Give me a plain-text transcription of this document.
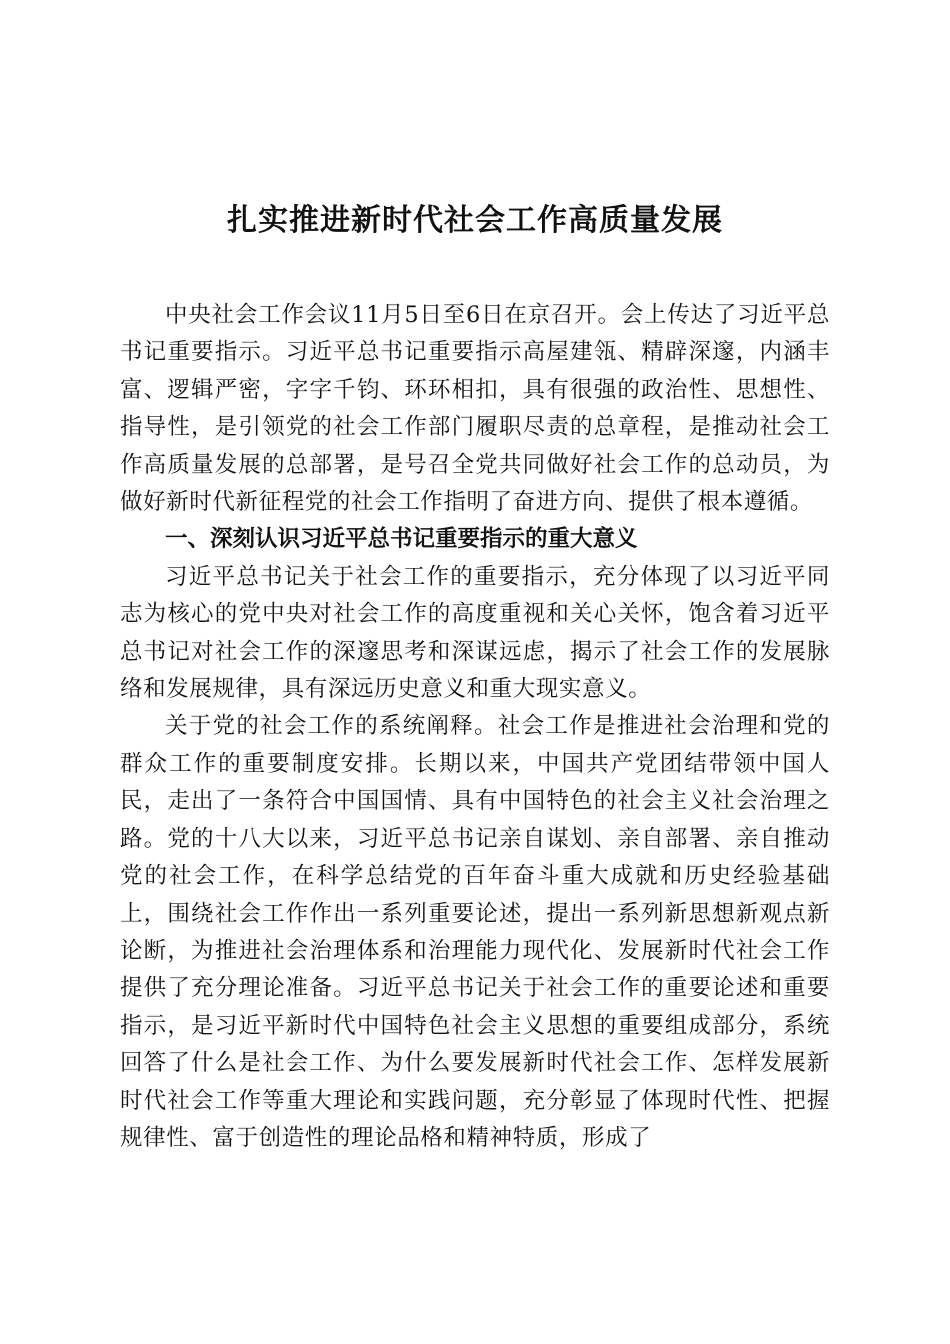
扎实推进新时代社会工作高质量发展

中央社会工作会议11月5日至6日在京召开。会上传达了习近平总书记重要指示。习近平总书记重要指示高屋建瓴、精辟深邃，内涵丰富、逻辑严密，字字千钧、环环相扣，具有很强的政治性、思想性、指导性，是引领党的社会工作部门履职尽责的总章程，是推动社会工作高质量发展的总部署，是号召全党共同做好社会工作的总动员，为做好新时代新征程党的社会工作指明了奋进方向、提供了根本遵循。

一、深刻认识习近平总书记重要指示的重大意义

习近平总书记关于社会工作的重要指示，充分体现了以习近平同志为核心的党中央对社会工作的高度重视和关心关怀，饱含着习近平总书记对社会工作的深邃思考和深谋远虑，揭示了社会工作的发展脉络和发展规律，具有深远历史意义和重大现实意义。

关于党的社会工作的系统阐释。社会工作是推进社会治理和党的群众工作的重要制度安排。长期以来，中国共产党团结带领中国人民，走出了一条符合中国国情、具有中国特色的社会主义社会治理之路。党的十八大以来，习近平总书记亲自谋划、亲自部署、亲自推动党的社会工作，在科学总结党的百年奋斗重大成就和历史经验基础上，围绕社会工作作出一系列重要论述，提出一系列新思想新观点新论断，为推进社会治理体系和治理能力现代化、发展新时代社会工作提供了充分理论准备。习近平总书记关于社会工作的重要论述和重要指示，是习近平新时代中国特色社会主义思想的重要组成部分，系统回答了什么是社会工作、为什么要发展新时代社会工作、怎样发展新时代社会工作等重大理论和实践问题，充分彰显了体现时代性、把握规律性、富于创造性的理论品格和精神特质，形成了
